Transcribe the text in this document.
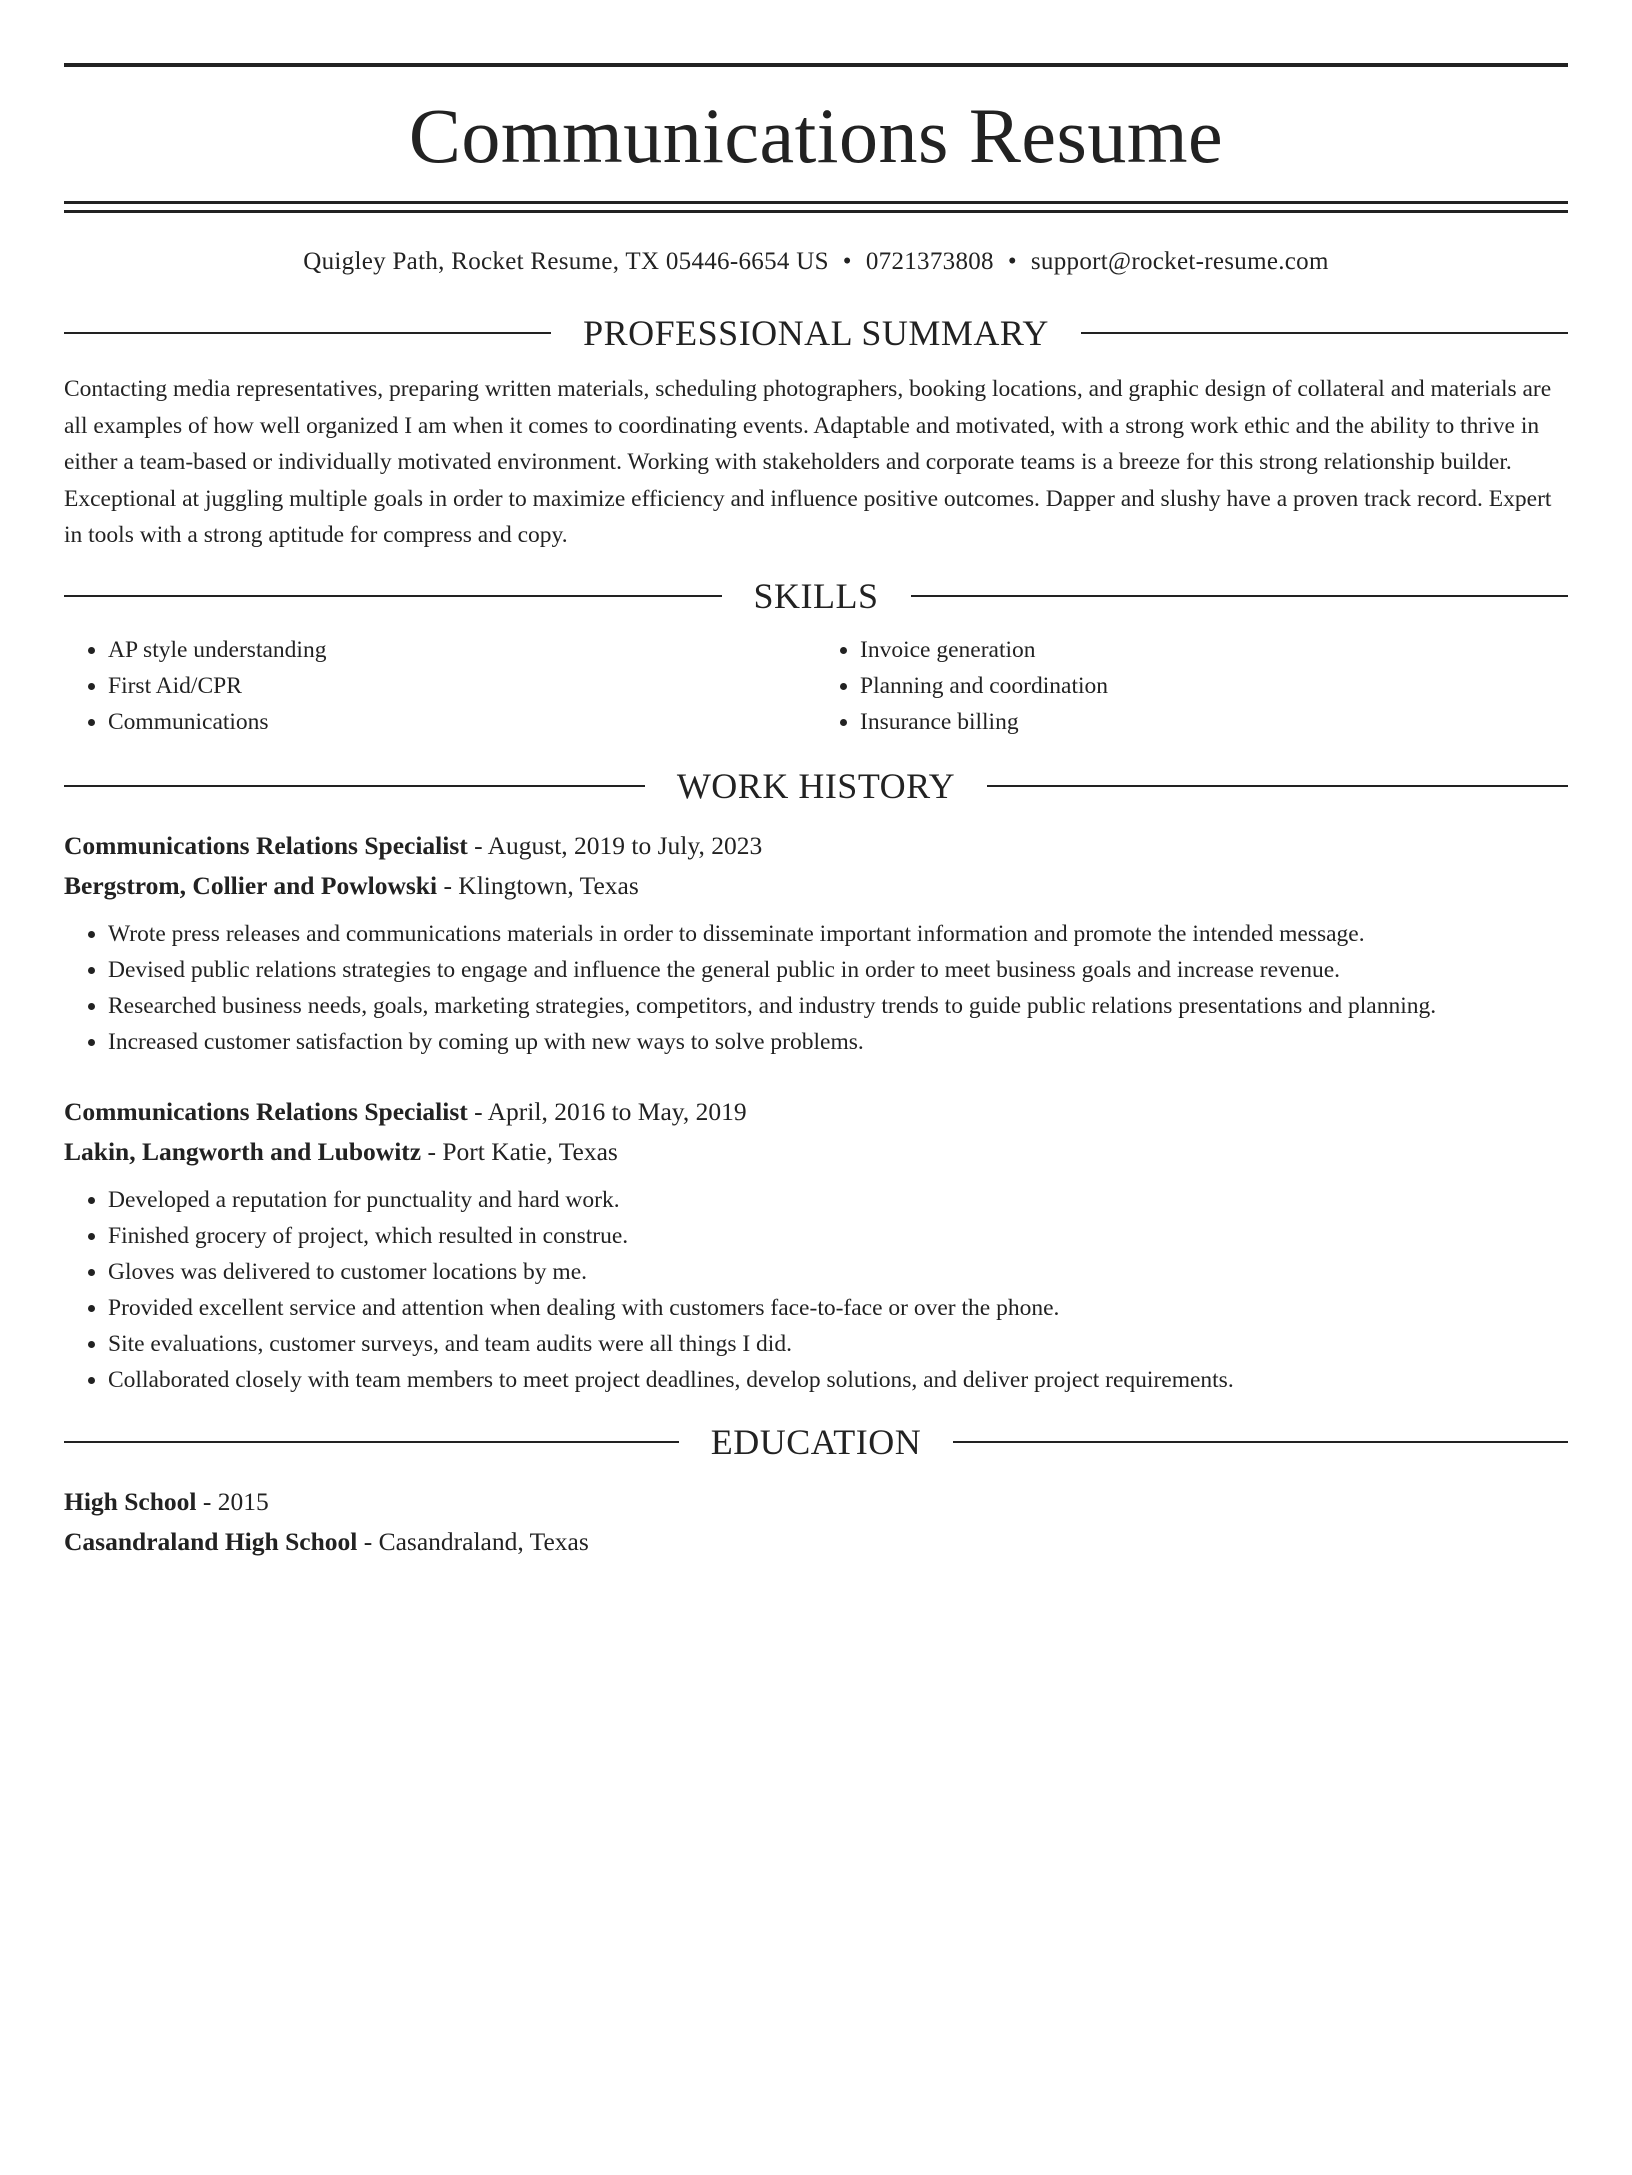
Communications Resume
Quigley Path, Rocket Resume, TX 05446-6654 US • 0721373808 • support@rocket-resume.com
PROFESSIONAL SUMMARY

Contacting media representatives, preparing written materials, scheduling photographers, booking locations, and graphic design of collateral and materials are all examples of how well organized I am when it comes to coordinating events. Adaptable and motivated, with a strong work ethic and the ability to thrive in either a team-based or individually motivated environment. Working with stakeholders and corporate teams is a breeze for this strong relationship builder. Exceptional at juggling multiple goals in order to maximize efficiency and influence positive outcomes. Dapper and slushy have a proven track record. Expert in tools with a strong aptitude for compress and copy.

SKILLS
• AP style understanding
• First Aid/CPR
• Communications
• Invoice generation
• Planning and coordination
• Insurance billing
WORK HISTORY
Communications Relations Specialist - August, 2019 to July, 2023
Bergstrom, Collier and Powlowski - Klingtown, Texas
• Wrote press releases and communications materials in order to disseminate important information and promote the intended message.
• Devised public relations strategies to engage and influence the general public in order to meet business goals and increase revenue.
• Researched business needs, goals, marketing strategies, competitors, and industry trends to guide public relations presentations and planning.
• Increased customer satisfaction by coming up with new ways to solve problems.
Communications Relations Specialist - April, 2016 to May, 2019
Lakin, Langworth and Lubowitz - Port Katie, Texas
• Developed a reputation for punctuality and hard work.
• Finished grocery of project, which resulted in construe.
• Gloves was delivered to customer locations by me.
• Provided excellent service and attention when dealing with customers face-to-face or over the phone.
• Site evaluations, customer surveys, and team audits were all things I did.
• Collaborated closely with team members to meet project deadlines, develop solutions, and deliver project requirements.
EDUCATION
High School - 2015
Casandraland High School - Casandraland, Texas
